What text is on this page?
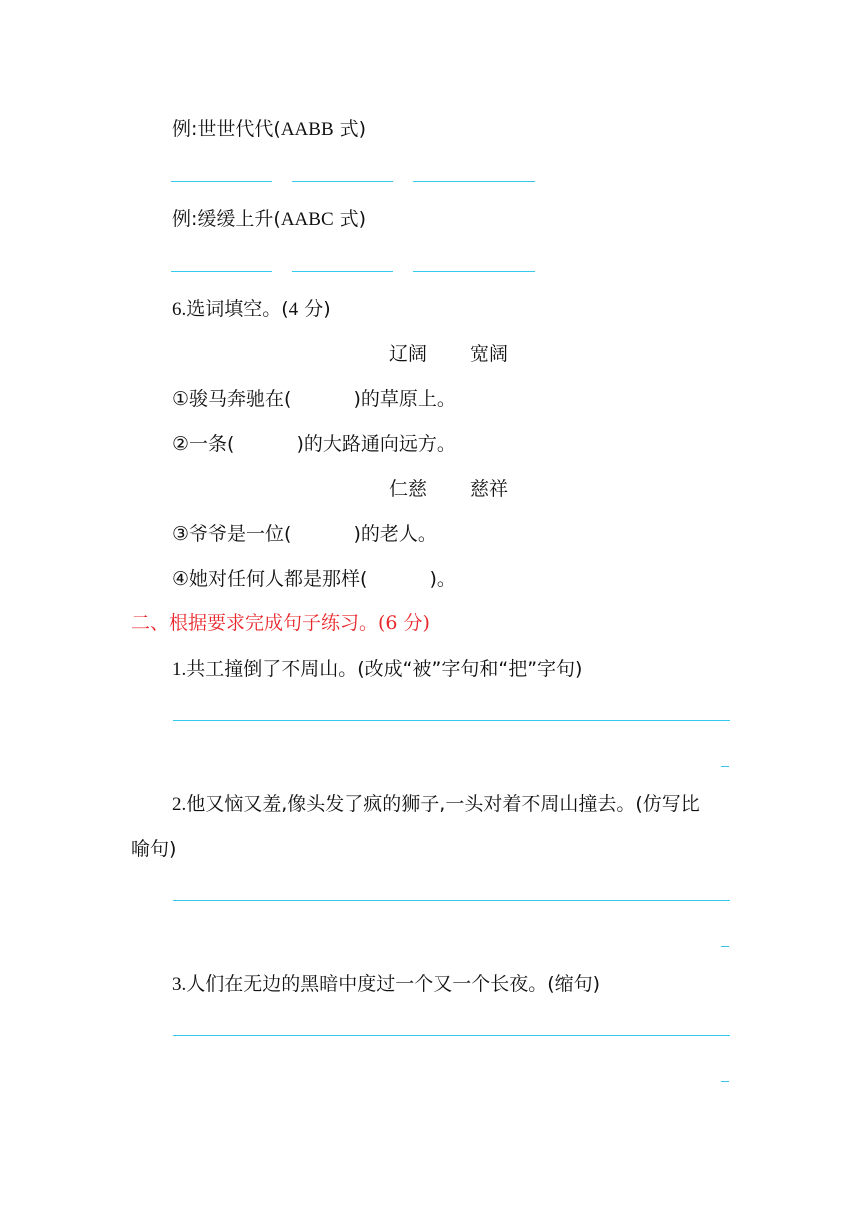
例:世世代代(AABB 式)
例:缓缓上升(AABC 式)
6.选词填空。(4 分)
辽阔 宽阔
①骏马奔驰在(	)的草原上。
②一条(	)的大路通向远方。
仁慈 慈祥
③爷爷是一位(	)的老人。
④她对任何人都是那样(	)。
二、根据要求完成句子练习。(6 分)
1.共工撞倒了不周山。(改成“被”字句和“把”字句)
2.他又恼又羞,像头发了疯的狮子,一头对着不周山撞去。(仿写比
喻句)
3.人们在无边的黑暗中度过一个又一个长夜。(缩句)
